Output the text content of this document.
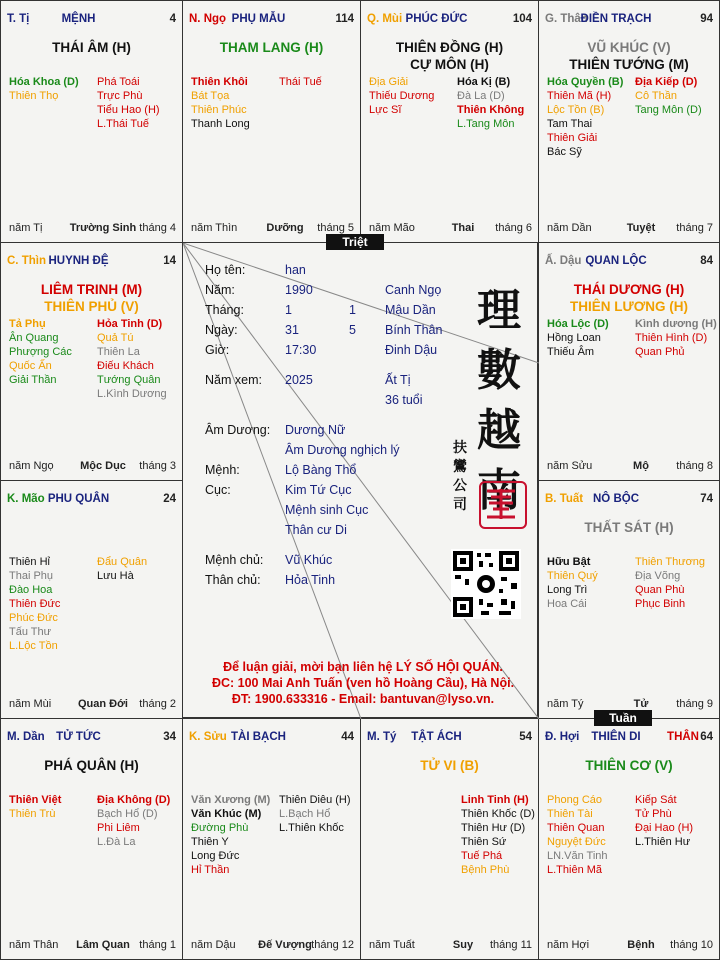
T. Tị	MỆNH	4
THÁI ÂM (H)
Hóa Khoa (D)
Thiên Thọ
Phá Toái
Trực Phù
Tiểu Hao (H)
L.Thái Tuế
năm Tị	Trường Sinh tháng 4
N. Ngọ PHỤ MẪU	114
THAM LANG (H)
Thiên Khôi
Bát Tọa
Thiên Phúc
Thanh Long
Thái Tuế
năm Thìn	Dưỡng	tháng 5
Q. Mùi PHÚC ĐỨC	104
THIÊN ĐỒNG (H)
CỰ MÔN (H)
Địa Giải
Thiếu Dương
Lực Sĩ
Hóa Kị (B)
Đà La (D)
Thiên Không
L.Tang Môn
năm Mão	Thai	tháng 6
G. Thân
ĐIỀN TRẠCH	94
VŨ KHÚC (V)
THIÊN TƯỚNG (M)
Hóa Quyền (B)
Thiên Mã (H)
Lộc Tồn (B)
Tam Thai
Thiên Giải
Bác Sỹ
Địa Kiếp (D)
Cô Thần
Tang Môn (D)
năm Dần	Tuyệt	tháng 7
C. Thìn HUYNH ĐỆ	14
LIÊM TRINH (M)
THIÊN PHỦ (V)
Tả Phụ
Ân Quang
Phượng Các
Quốc Ấn
Giải Thần
Hỏa Tinh (D)
Quả Tú
Thiên La
Điếu Khách
Tướng Quân
L.Kình Dương
năm Ngọ	Mộc Dục	tháng 3
Ấ. Dậu QUAN LỘC	84
THÁI DƯƠNG (H)
THIÊN LƯƠNG (H)
Hóa Lộc (D)
Hồng Loan
Thiếu Âm
Kình dương (H)
Thiên Hình (D)
Quan Phủ
năm Sửu	Mộ	tháng 8
K. Mão PHU QUÂN	24
Thiên Hỉ
Thai Phụ
Đào Hoa
Thiên Đức
Phúc Đức
Tấu Thư
L.Lộc Tồn
Đẩu Quân
Lưu Hà
năm Mùi	Quan Đới	tháng 2
B. Tuất NÔ BỘC	74
THẤT SÁT (H)
Hữu Bật
Thiên Quý
Long Trì
Hoa Cái
Thiên Thương
Địa Võng
Quan Phù
Phục Binh
năm Tý	Tử	tháng 9
M. Dần TỬ TỨC	34
PHÁ QUÂN (H)
Thiên Việt
Thiên Trù
Địa Không (D)
Bạch Hổ (D)
Phi Liêm
L.Đà La
năm Thân	Lâm Quan tháng 1
K. Sửu TÀI BẠCH	44
Văn Xương (M)
Văn Khúc (M)
Đường Phù
Thiên Y
Long Đức
Hỉ Thần
Thiên Diêu (H)
L.Bạch Hổ
L.Thiên Khốc
năm Dậu	Đế Vượng tháng 12
M. Tý	TẬT ÁCH	54
TỬ VI (B)
Linh Tinh (H)
Thiên Khốc (D)
Thiên Hư (D)
Thiên Sứ
Tuế Phá
Bệnh Phù
năm Tuất	Suy	tháng 11
Đ. Hợi	THIÊN DI	THÂN 64
THIÊN CƠ (V)
Phong Cáo
Thiên Tài
Thiên Quan
Nguyệt Đức
LN.Văn Tinh
L.Thiên Mã
Kiếp Sát
Tử Phù
Đại Hao (H)
L.Thiên Hư
năm Hợi	Bệnh	tháng 10
Họ tên:	han
Năm:	1990	Canh Ngọ
Tháng:	1	1 Mậu Dần
Ngày:	31	5 Bính Thân
Giờ:	17:30	Đinh Dậu
Năm xem: 2025	Ất Tị
36 tuổi
Âm Dương: Dương Nữ
Âm Dương nghịch lý
Mệnh:	Lộ Bàng Thổ
Cục:	Kim Tứ Cục
Mệnh sinh Cục
Thân cư Di
Mệnh chủ: Vũ Khúc
Thân chủ: Hỏa Tinh
理
數
越
南
扶
鸞
公
司
Để luận giải, mời bạn liên hệ LÝ SỐ HỘI QUÁN.
ĐC: 100 Mai Anh Tuấn (ven hồ Hoàng Cầu), Hà Nội.
ĐT: 1900.633316 - Email: bantuvan@lyso.vn.
Triệt
Tuần
